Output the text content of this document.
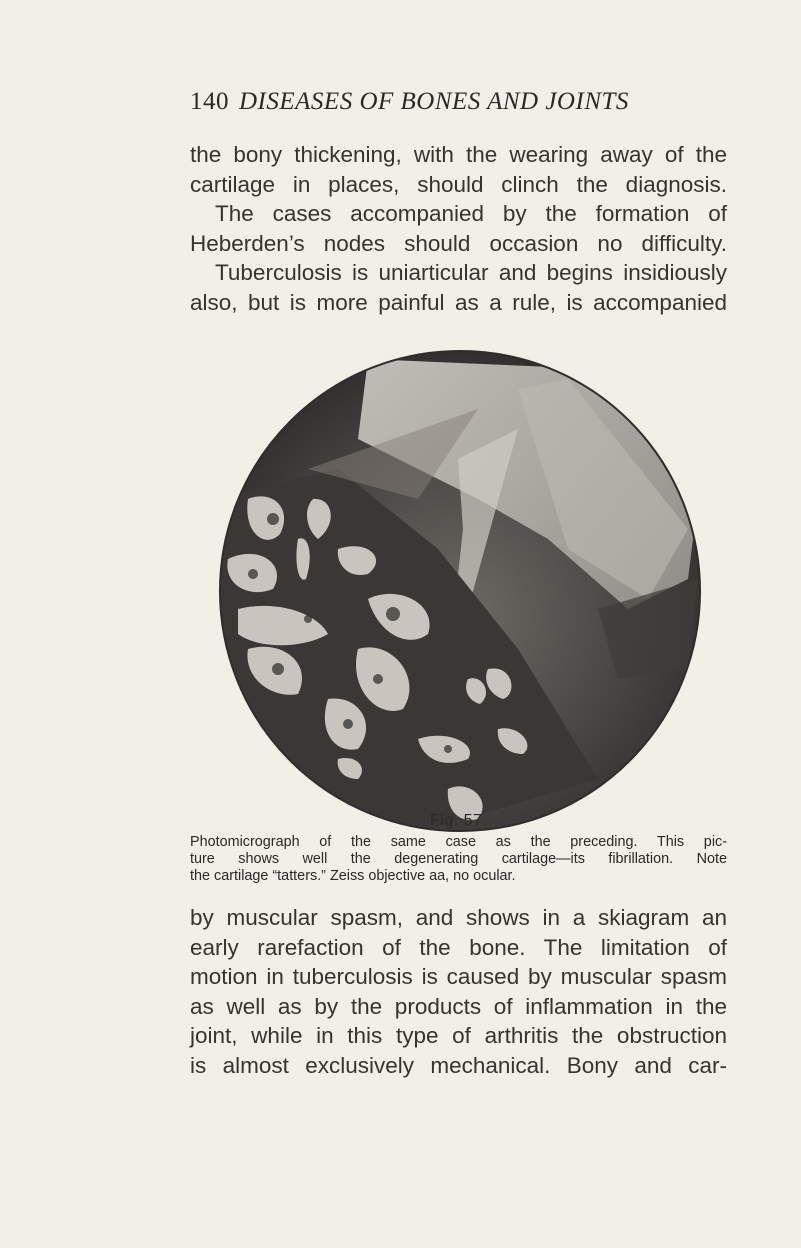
140 DISEASES OF BONES AND JOINTS
the bony thickening, with the wearing away of the
cartilage in places, should clinch the diagnosis.
The cases accompanied by the formation of
Heberden’s nodes should occasion no difficulty.
Tuberculosis is uniarticular and begins insidiously
also, but is more painful as a rule, is accompanied
Fig. 57.
Photomicrograph of the same case as the preceding. This pic-
ture shows well the degenerating cartilage—its fibrillation. Note
the cartilage “tatters.” Zeiss objective aa, no ocular.
by muscular spasm, and shows in a skiagram an
early rarefaction of the bone. The limitation of
motion in tuberculosis is caused by muscular spasm
as well as by the products of inflammation in the
joint, while in this type of arthritis the obstruction
is almost exclusively mechanical. Bony and car-
